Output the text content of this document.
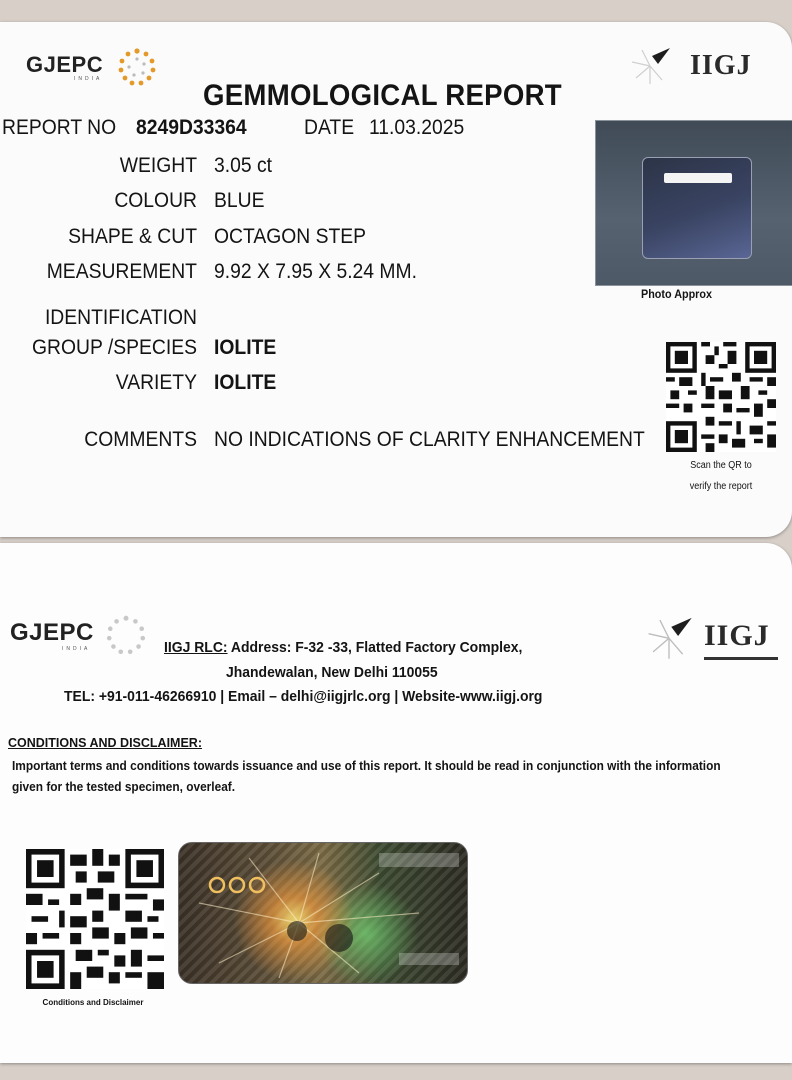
GJEPC
INDIA	IIGJ
GEMMOLOGICAL REPORT
REPORT NO 8249D33364	DATE 11.03.2025
WEIGHT 3.05 ct
COLOUR BLUE
SHAPE & CUT OCTAGON STEP
MEASUREMENT 9.92 X 7.95 X 5.24 MM.
IDENTIFICATION
GROUP /SPECIES IOLITE
VARIETY IOLITE
COMMENTS NO INDICATIONS OF CLARITY ENHANCEMENT
Photo Approx
Scan the QR to
verify the report
GJEPC
INDIA	IIGJ
IIGJ RLC: Address: F-32 -33, Flatted Factory Complex,
Jhandewalan, New Delhi 110055
TEL: +91-011-46266910 | Email – delhi@iigjrlc.org | Website-www.iigj.org
CONDITIONS AND DISCLAIMER:
Important terms and conditions towards issuance and use of this report. It should be read in conjunction with the information given for the tested specimen, overleaf.
Conditions and Disclaimer
